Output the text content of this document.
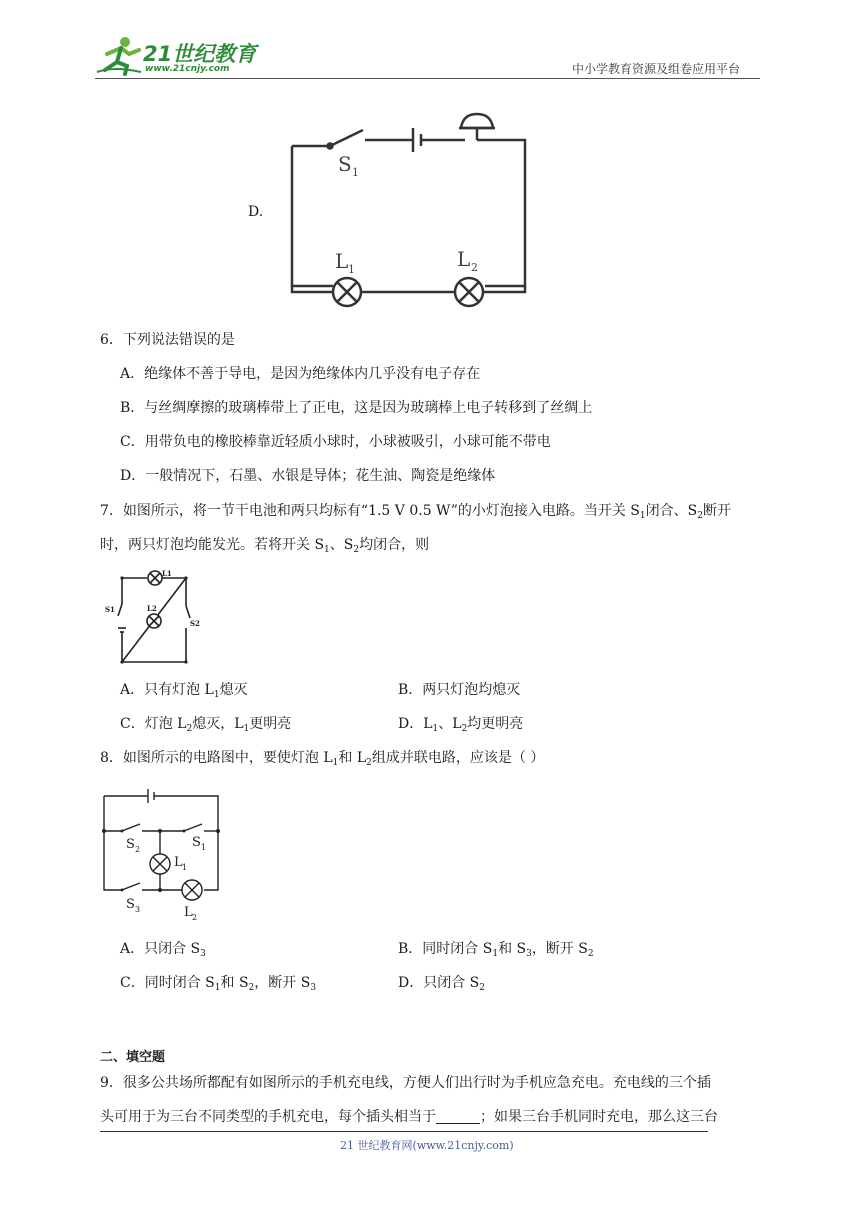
21世纪教育
www.21cnjy.com	中小学教育资源及组卷应用平台
D.
S 1
L 1	L 2
6．下列说法错误的是
A．绝缘体不善于导电，是因为绝缘体内几乎没有电子存在
B．与丝绸摩擦的玻璃棒带上了正电，这是因为玻璃棒上电子转移到了丝绸上
C．用带负电的橡胶棒靠近轻质小球时，小球被吸引，小球可能不带电
D．一般情况下，石墨、水银是导体；花生油、陶瓷是绝缘体
7．如图所示，将一节干电池和两只均标有“1.5 V 0.5 W”的小灯泡接入电路。当开关 $S_1$闭合、$S_2$断开
时，两只灯泡均能发光。若将开关 $S_1$、$S_2$均闭合，则
L1
L2
S1
S2
A．只有灯泡 $L_1$熄灭	B．两只灯泡均熄灭
C．灯泡 $L_2$熄灭，$L_1$更明亮	D．$L_1$、$L_2$均更明亮
8．如图所示的电路图中，要使灯泡 $L_1$和 $L_2$组成并联电路，应该是（ ）
S 2	S 1
L 1
S 3	L 2
A．只闭合 $S_3$	B．同时闭合 $S_1$和 $S_3$，断开 $S_2$
C．同时闭合 $S_1$和 $S_2$，断开 $S_3$	D．只闭合 $S_2$
二、填空题
9．很多公共场所都配有如图所示的手机充电线，方便人们出行时为手机应急充电。充电线的三个插
头可用于为三台不同类型的手机充电，每个插头相当于	；如果三台手机同时充电，那么这三台
21 世纪教育网(www.21cnjy.com)
